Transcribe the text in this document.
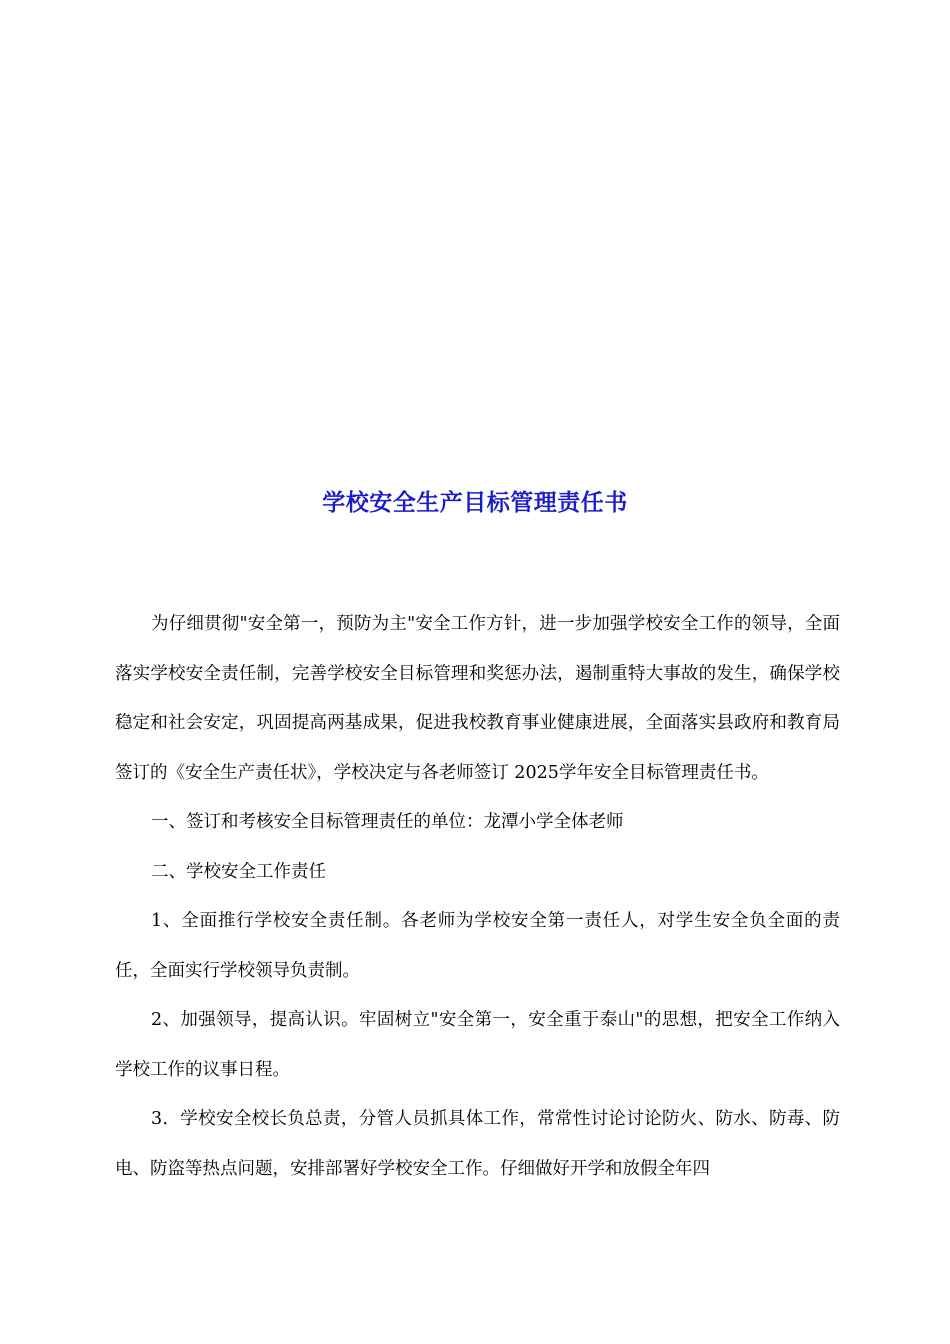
学校安全生产目标管理责任书

为仔细贯彻"安全第一，预防为主"安全工作方针，进一步加强学校安全工作的领导，全面落实学校安全责任制，完善学校安全目标管理和奖惩办法，遏制重特大事故的发生，确保学校稳定和社会安定，巩固提高两基成果，促进我校教育事业健康进展，全面落实县政府和教育局签订的《安全生产责任状》，学校决定与各老师签订 2025学年安全目标管理责任书。

一、签订和考核安全目标管理责任的单位：龙潭小学全体老师

二、学校安全工作责任

1、全面推行学校安全责任制。各老师为学校安全第一责任人，对学生安全负全面的责任，全面实行学校领导负责制。

2、加强领导，提高认识。牢固树立"安全第一，安全重于泰山"的思想，把安全工作纳入学校工作的议事日程。

3．学校安全校长负总责，分管人员抓具体工作，常常性讨论讨论防火、防水、防毒、防电、防盗等热点问题，安排部署好学校安全工作。仔细做好开学和放假全年四
